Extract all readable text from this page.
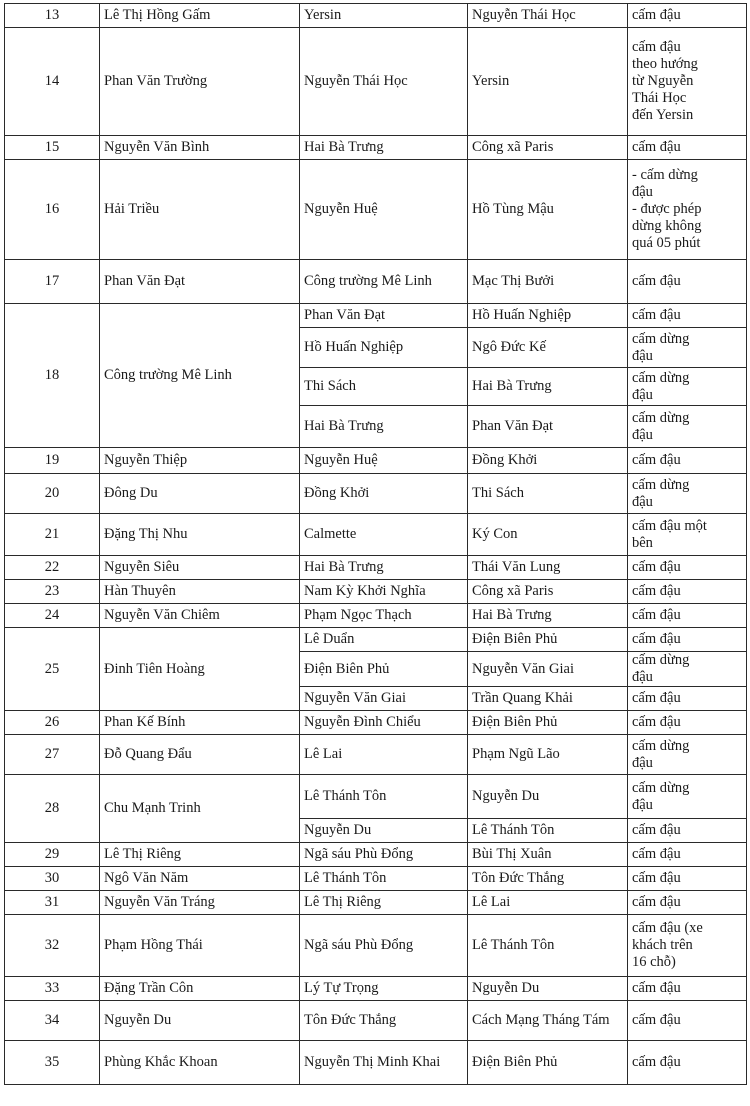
13	Lê Thị Hồng Gấm	Yersin	Nguyễn Thái Học	cấm đậu

14	Phan Văn Trường	Nguyễn Thái Học	Yersin	cấm đậu
theo hướng
từ Nguyễn
Thái Học
đến Yersin

15	Nguyễn Văn Bình	Hai Bà Trưng	Công xã Paris	cấm đậu

16	Hải Triều	Nguyễn Huệ	Hồ Tùng Mậu	- cấm dừng
đậu
- được phép
dừng không
quá 05 phút

17	Phan Văn Đạt	Công trường Mê Linh	Mạc Thị Bưởi	cấm đậu

18	Công trường Mê Linh	Phan Văn Đạt	Hồ Huấn Nghiệp	cấm đậu

		Hồ Huấn Nghiệp	Ngô Đức Kế	cấm dừng
đậu

		Thi Sách	Hai Bà Trưng	cấm dừng
đậu

		Hai Bà Trưng	Phan Văn Đạt	cấm dừng
đậu

19	Nguyễn Thiệp	Nguyễn Huệ	Đồng Khởi	cấm đậu

20	Đông Du	Đồng Khởi	Thi Sách	cấm dừng
đậu

21	Đặng Thị Nhu	Calmette	Ký Con	cấm đậu một
bên

22	Nguyễn Siêu	Hai Bà Trưng	Thái Văn Lung	cấm đậu

23	Hàn Thuyên	Nam Kỳ Khởi Nghĩa	Công xã Paris	cấm đậu

24	Nguyễn Văn Chiêm	Phạm Ngọc Thạch	Hai Bà Trưng	cấm đậu

25	Đinh Tiên Hoàng	Lê Duẩn	Điện Biên Phủ	cấm đậu

		Điện Biên Phủ	Nguyễn Văn Giai	cấm dừng
đậu

		Nguyễn Văn Giai	Trần Quang Khải	cấm đậu

26	Phan Kế Bính	Nguyễn Đình Chiểu	Điện Biên Phủ	cấm đậu

27	Đỗ Quang Đẩu	Lê Lai	Phạm Ngũ Lão	cấm dừng
đậu

28	Chu Mạnh Trinh	Lê Thánh Tôn	Nguyễn Du	cấm dừng
đậu

		Nguyễn Du	Lê Thánh Tôn	cấm đậu

29	Lê Thị Riêng	Ngã sáu Phù Đổng	Bùi Thị Xuân	cấm đậu

30	Ngô Văn Năm	Lê Thánh Tôn	Tôn Đức Thắng	cấm đậu

31	Nguyễn Văn Tráng	Lê Thị Riêng	Lê Lai	cấm đậu

32	Phạm Hồng Thái	Ngã sáu Phù Đổng	Lê Thánh Tôn	cấm đậu (xe
khách trên
16 chỗ)

33	Đặng Trần Côn	Lý Tự Trọng	Nguyễn Du	cấm đậu

34	Nguyễn Du	Tôn Đức Thắng	Cách Mạng Tháng Tám	cấm đậu

35	Phùng Khắc Khoan	Nguyễn Thị Minh Khai	Điện Biên Phủ	cấm đậu
